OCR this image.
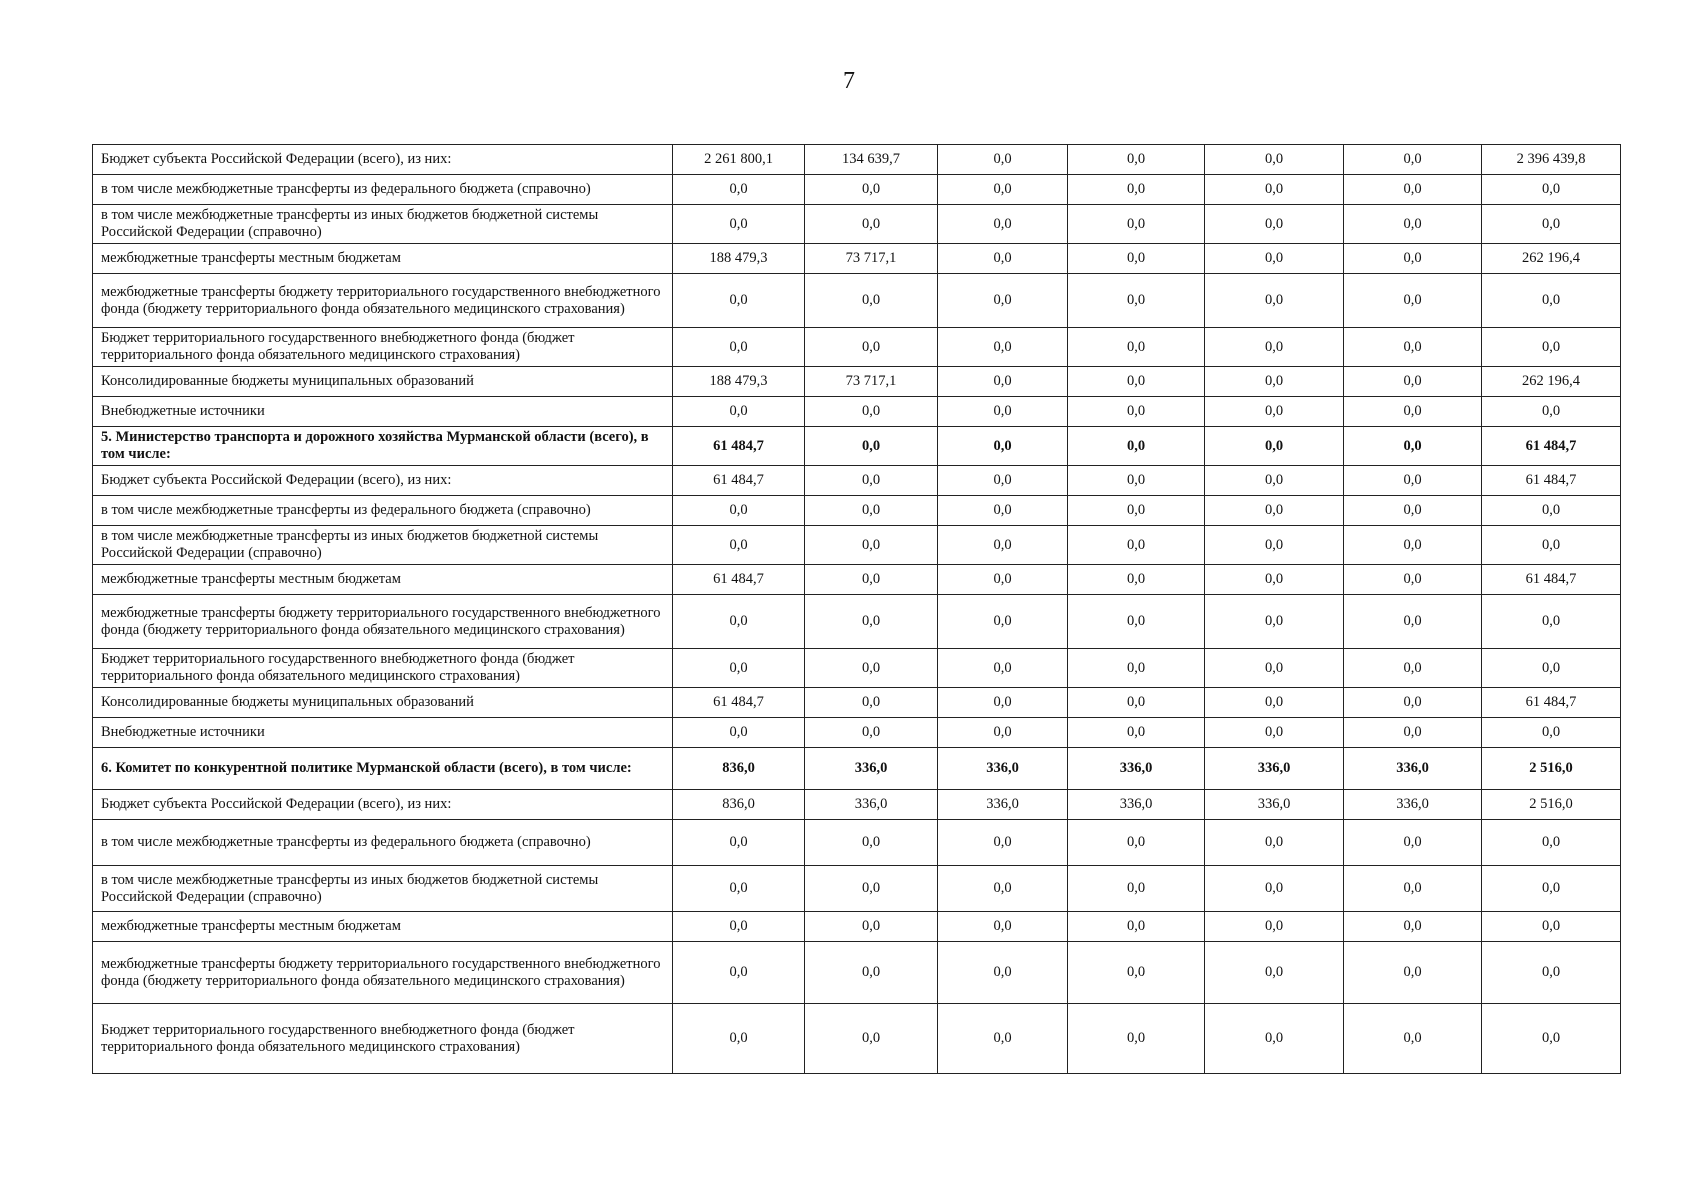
7
Бюджет субъекта Российской Федерации (всего), из них:	2 261 800,1	134 639,7	0,0	0,0	0,0	0,0	2 396 439,8
в том числе межбюджетные трансферты из федерального бюджета (справочно)	0,0	0,0	0,0	0,0	0,0	0,0	0,0
в том числе межбюджетные трансферты из иных бюджетов бюджетной системы Российской Федерации (справочно)	0,0	0,0	0,0	0,0	0,0	0,0	0,0
межбюджетные трансферты местным бюджетам	188 479,3	73 717,1	0,0	0,0	0,0	0,0	262 196,4
межбюджетные трансферты бюджету территориального государственного внебюджетного фонда (бюджету территориального фонда обязательного медицинского страхования)	0,0	0,0	0,0	0,0	0,0	0,0	0,0
Бюджет территориального государственного внебюджетного фонда (бюджет территориального фонда обязательного медицинского страхования)	0,0	0,0	0,0	0,0	0,0	0,0	0,0
Консолидированные бюджеты муниципальных образований	188 479,3	73 717,1	0,0	0,0	0,0	0,0	262 196,4
Внебюджетные источники	0,0	0,0	0,0	0,0	0,0	0,0	0,0
5. Министерство транспорта и дорожного хозяйства Мурманской области (всего), в том числе:	61 484,7	0,0	0,0	0,0	0,0	0,0	61 484,7
Бюджет субъекта Российской Федерации (всего), из них:	61 484,7	0,0	0,0	0,0	0,0	0,0	61 484,7
в том числе межбюджетные трансферты из федерального бюджета (справочно)	0,0	0,0	0,0	0,0	0,0	0,0	0,0
в том числе межбюджетные трансферты из иных бюджетов бюджетной системы Российской Федерации (справочно)	0,0	0,0	0,0	0,0	0,0	0,0	0,0
межбюджетные трансферты местным бюджетам	61 484,7	0,0	0,0	0,0	0,0	0,0	61 484,7
межбюджетные трансферты бюджету территориального государственного внебюджетного фонда (бюджету территориального фонда обязательного медицинского страхования)	0,0	0,0	0,0	0,0	0,0	0,0	0,0
Бюджет территориального государственного внебюджетного фонда (бюджет территориального фонда обязательного медицинского страхования)	0,0	0,0	0,0	0,0	0,0	0,0	0,0
Консолидированные бюджеты муниципальных образований	61 484,7	0,0	0,0	0,0	0,0	0,0	61 484,7
Внебюджетные источники	0,0	0,0	0,0	0,0	0,0	0,0	0,0
6. Комитет по конкурентной политике Мурманской области (всего), в том числе:	836,0	336,0	336,0	336,0	336,0	336,0	2 516,0
Бюджет субъекта Российской Федерации (всего), из них:	836,0	336,0	336,0	336,0	336,0	336,0	2 516,0
в том числе межбюджетные трансферты из федерального бюджета (справочно)	0,0	0,0	0,0	0,0	0,0	0,0	0,0
в том числе межбюджетные трансферты из иных бюджетов бюджетной системы Российской Федерации (справочно)	0,0	0,0	0,0	0,0	0,0	0,0	0,0
межбюджетные трансферты местным бюджетам	0,0	0,0	0,0	0,0	0,0	0,0	0,0
межбюджетные трансферты бюджету территориального государственного внебюджетного фонда (бюджету территориального фонда обязательного медицинского страхования)	0,0	0,0	0,0	0,0	0,0	0,0	0,0
Бюджет территориального государственного внебюджетного фонда (бюджет территориального фонда обязательного медицинского страхования)	0,0	0,0	0,0	0,0	0,0	0,0	0,0
